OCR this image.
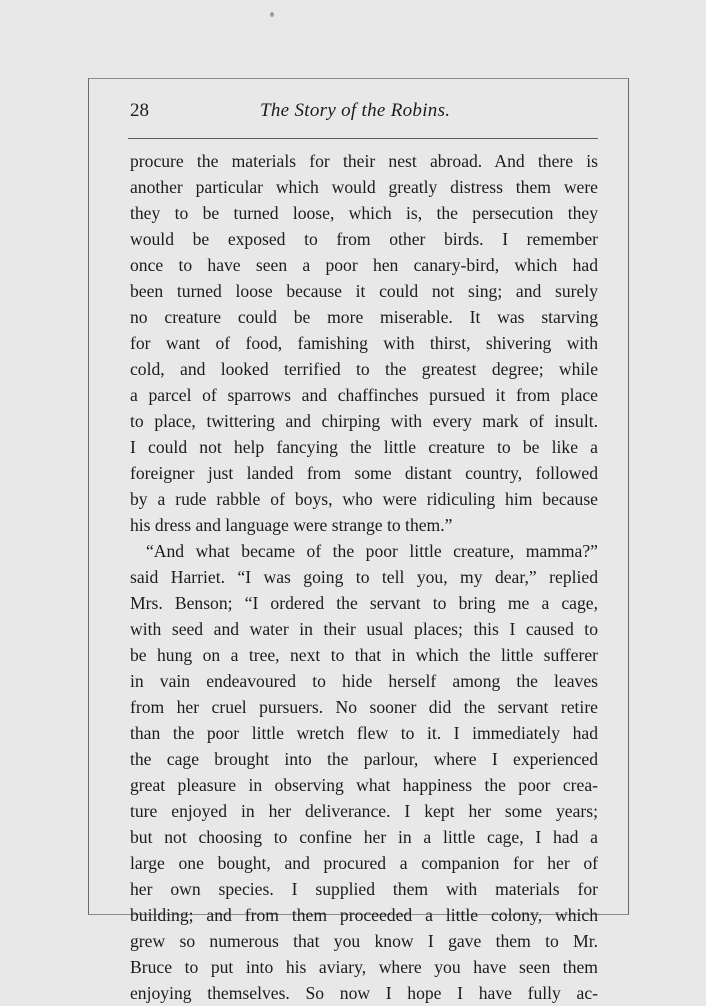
28	The Story of the Robins.
procure the materials for their nest abroad. And there is
another particular which would greatly distress them were
they to be turned loose, which is, the persecution they
would be exposed to from other birds. I remember
once to have seen a poor hen canary-bird, which had
been turned loose because it could not sing; and surely
no creature could be more miserable. It was starving
for want of food, famishing with thirst, shivering with
cold, and looked terrified to the greatest degree; while
a parcel of sparrows and chaffinches pursued it from place
to place, twittering and chirping with every mark of insult.
I could not help fancying the little creature to be like a
foreigner just landed from some distant country, followed
by a rude rabble of boys, who were ridiculing him because
his dress and language were strange to them.”
“And what became of the poor little creature, mamma?”
said Harriet. “I was going to tell you, my dear,” replied
Mrs. Benson; “I ordered the servant to bring me a cage,
with seed and water in their usual places; this I caused to
be hung on a tree, next to that in which the little sufferer
in vain endeavoured to hide herself among the leaves
from her cruel pursuers. No sooner did the servant retire
than the poor little wretch flew to it. I immediately had
the cage brought into the parlour, where I experienced
great pleasure in observing what happiness the poor crea-
ture enjoyed in her deliverance. I kept her some years;
but not choosing to confine her in a little cage, I had a
large one bought, and procured a companion for her of
her own species. I supplied them with materials for
building; and from them proceeded a little colony, which
grew so numerous that you know I gave them to Mr.
Bruce to put into his aviary, where you have seen them
enjoying themselves. So now I hope I have fully ac-
